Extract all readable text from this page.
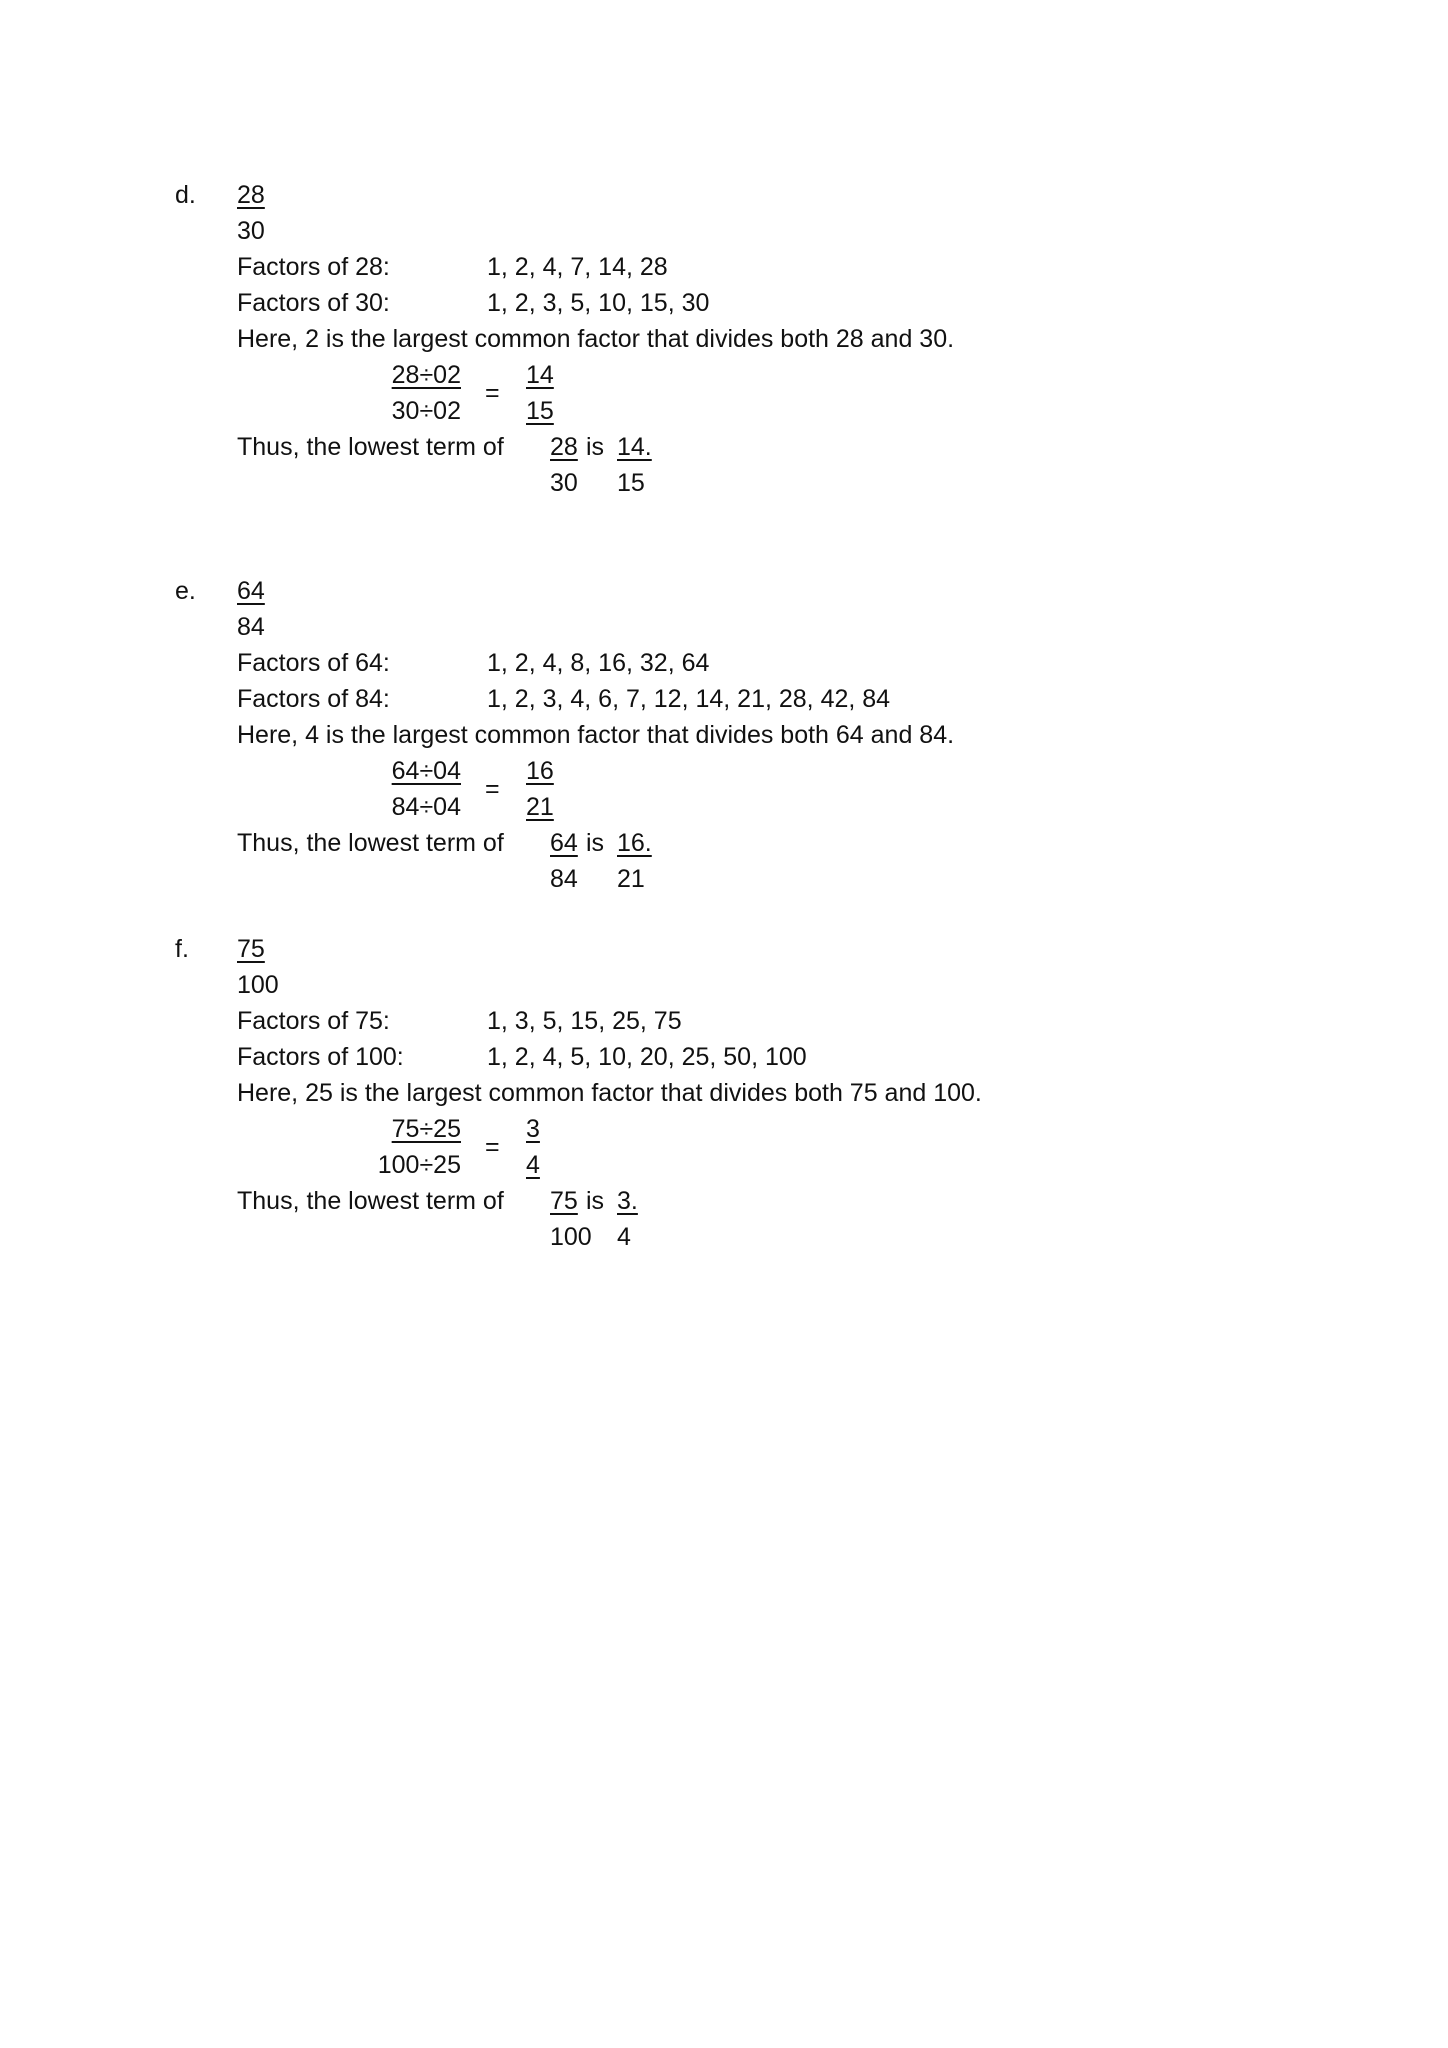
d. 28
30
Factors of 28:	1, 2, 4, 7, 14, 28
Factors of 30:	1, 2, 3, 5, 10, 15, 30
Here, 2 is the largest common factor that divides both 28 and 30.
28÷02
30÷02
=
14
15
Thus, the lowest term of 28 is 14.
30 15
e. 64
84
Factors of 64:	1, 2, 4, 8, 16, 32, 64
Factors of 84:	1, 2, 3, 4, 6, 7, 12, 14, 21, 28, 42, 84
Here, 4 is the largest common factor that divides both 64 and 84.
64÷04
84÷04
=
16
21
Thus, the lowest term of 64 is 16.
84 21
f. 75
100
Factors of 75:	1, 3, 5, 15, 25, 75
Factors of 100:	1, 2, 4, 5, 10, 20, 25, 50, 100
Here, 25 is the largest common factor that divides both 75 and 100.
75÷25
100÷25
=
3
4
Thus, the lowest term of 75 is 3.
100 4
